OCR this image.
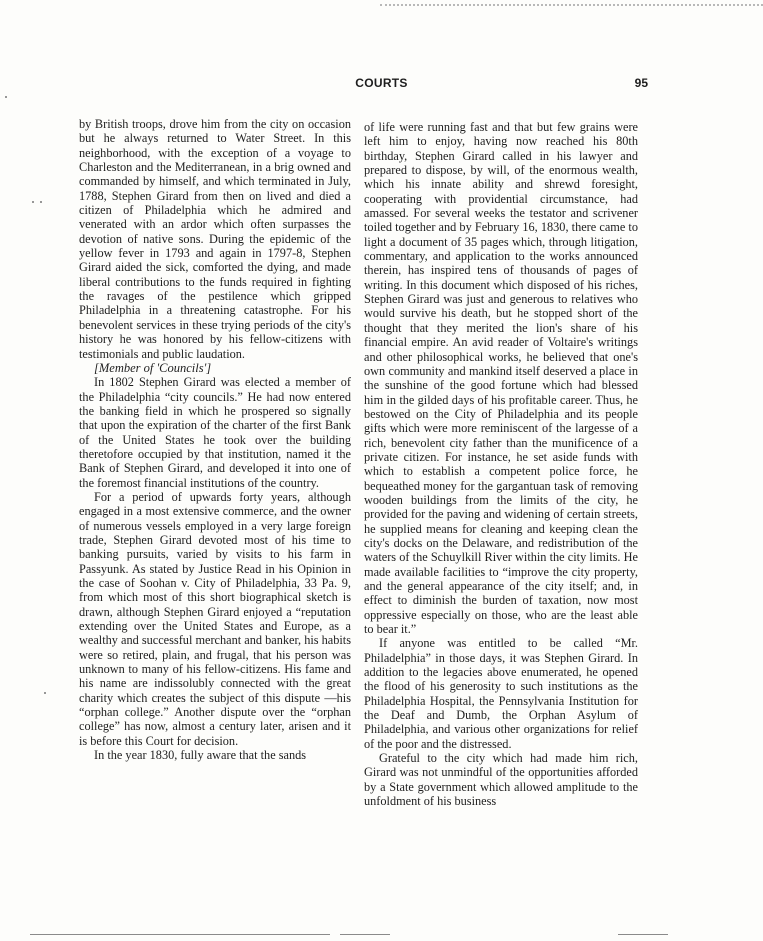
COURTS	95

by British troops, drove him from the city on occasion but he always returned to Water Street. In this neighborhood, with the exception of a voyage to Charleston and the Mediterranean, in a brig owned and commanded by himself, and which terminated in July, 1788, Stephen Girard from then on lived and died a citizen of Philadelphia which he admired and venerated with an ardor which often surpasses the devotion of native sons. During the epidemic of the yellow fever in 1793 and again in 1797-8, Stephen Girard aided the sick, comforted the dying, and made liberal contributions to the funds required in fighting the ravages of the pestilence which gripped Philadelphia in a threatening catastrophe. For his benevolent services in these trying periods of the city's history he was honored by his fellow-citizens with testimonials and public laudation.

[Member of 'Councils']

In 1802 Stephen Girard was elected a member of the Philadelphia “city councils.” He had now entered the banking field in which he prospered so signally that upon the expiration of the charter of the first Bank of the United States he took over the building theretofore occupied by that institution, named it the Bank of Stephen Girard, and developed it into one of the foremost financial institutions of the country.

For a period of upwards forty years, although engaged in a most extensive commerce, and the owner of numerous vessels employed in a very large foreign trade, Stephen Girard devoted most of his time to banking pursuits, varied by visits to his farm in Passyunk. As stated by Justice Read in his Opinion in the case of Soohan v. City of Philadelphia, 33 Pa. 9, from which most of this short biographical sketch is drawn, although Stephen Girard enjoyed a “reputation extending over the United States and Europe, as a wealthy and successful merchant and banker, his habits were so retired, plain, and frugal, that his person was unknown to many of his fellow-citizens. His fame and his name are indissolubly connected with the great charity which creates the subject of this dispute —his “orphan college.” Another dispute over the “orphan college” has now, almost a century later, arisen and it is before this Court for decision.

In the year 1830, fully aware that the sands

of life were running fast and that but few grains were left him to enjoy, having now reached his 80th birthday, Stephen Girard called in his lawyer and prepared to dispose, by will, of the enormous wealth, which his innate ability and shrewd foresight, cooperating with providential circumstance, had amassed. For several weeks the testator and scrivener toiled together and by February 16, 1830, there came to light a document of 35 pages which, through litigation, commentary, and application to the works announced therein, has inspired tens of thousands of pages of writing. In this document which disposed of his riches, Stephen Girard was just and generous to relatives who would survive his death, but he stopped short of the thought that they merited the lion's share of his financial empire. An avid reader of Voltaire's writings and other philosophical works, he believed that one's own community and mankind itself deserved a place in the sunshine of the good fortune which had blessed him in the gilded days of his profitable career. Thus, he bestowed on the City of Philadelphia and its people gifts which were more reminiscent of the largesse of a rich, benevolent city father than the munificence of a private citizen. For instance, he set aside funds with which to establish a competent police force, he bequeathed money for the gargantuan task of removing wooden buildings from the limits of the city, he provided for the paving and widening of certain streets, he supplied means for cleaning and keeping clean the city's docks on the Delaware, and redistribution of the waters of the Schuylkill River within the city limits. He made available facilities to “improve the city property, and the general appearance of the city itself; and, in effect to diminish the burden of taxation, now most oppressive especially on those, who are the least able to bear it.”

If anyone was entitled to be called “Mr. Philadelphia” in those days, it was Stephen Girard. In addition to the legacies above enumerated, he opened the flood of his generosity to such institutions as the Philadelphia Hospital, the Pennsylvania Institution for the Deaf and Dumb, the Orphan Asylum of Philadelphia, and various other organizations for relief of the poor and the distressed.

Grateful to the city which had made him rich, Girard was not unmindful of the opportunities afforded by a State government which allowed amplitude to the unfoldment of his business
